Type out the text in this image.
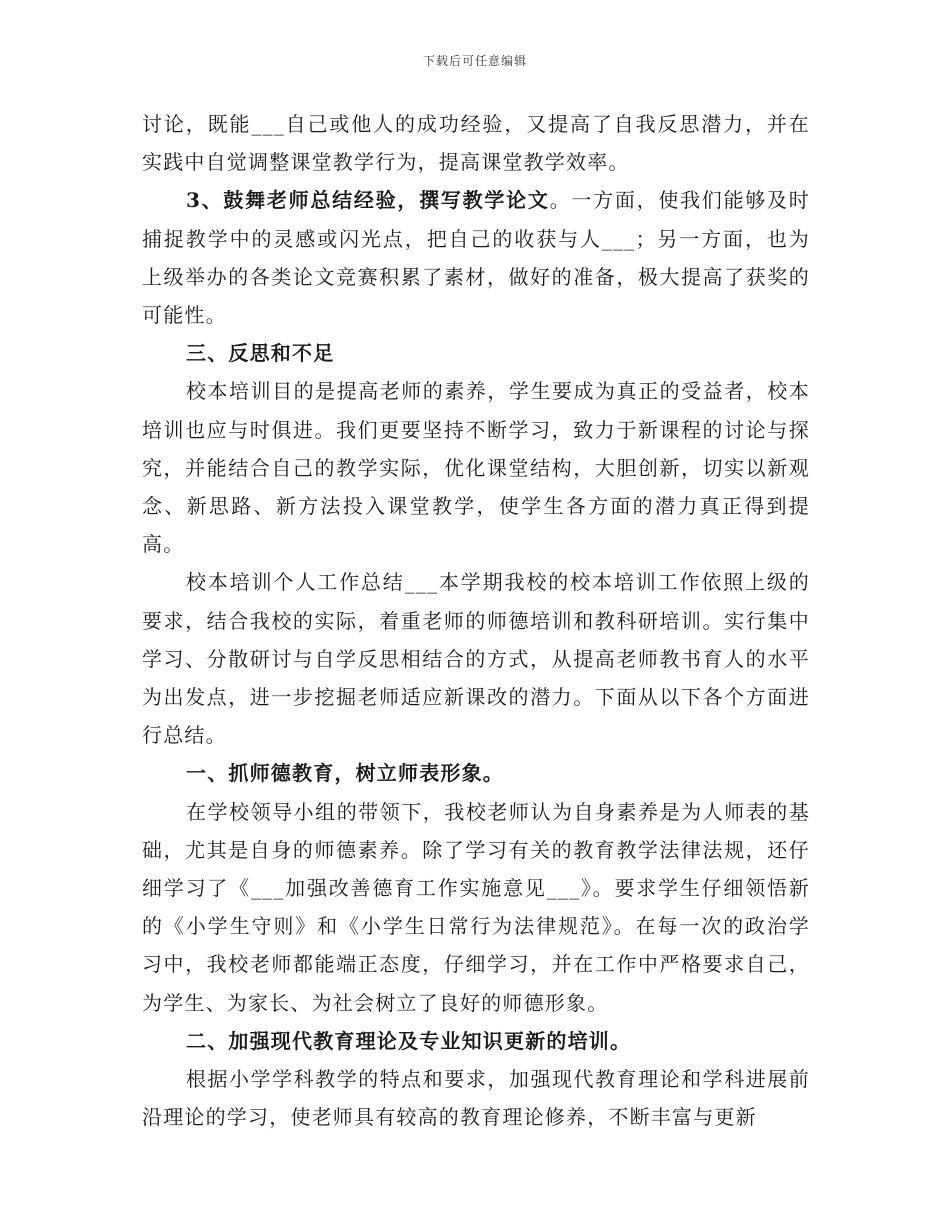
下载后可任意编辑

讨论，既能___自己或他人的成功经验，又提高了自我反思潜力，并在实践中自觉调整课堂教学行为，提高课堂教学效率。

3、鼓舞老师总结经验，撰写教学论文。一方面，使我们能够及时捕捉教学中的灵感或闪光点，把自己的收获与人___；另一方面，也为上级举办的各类论文竞赛积累了素材，做好的准备，极大提高了获奖的可能性。

三、反思和不足

校本培训目的是提高老师的素养，学生要成为真正的受益者，校本培训也应与时俱进。我们更要坚持不断学习，致力于新课程的讨论与探究，并能结合自己的教学实际，优化课堂结构，大胆创新，切实以新观念、新思路、新方法投入课堂教学，使学生各方面的潜力真正得到提高。

校本培训个人工作总结___本学期我校的校本培训工作依照上级的要求，结合我校的实际，着重老师的师德培训和教科研培训。实行集中学习、分散研讨与自学反思相结合的方式，从提高老师教书育人的水平为出发点，进一步挖掘老师适应新课改的潜力。下面从以下各个方面进行总结。

一、抓师德教育，树立师表形象。

在学校领导小组的带领下，我校老师认为自身素养是为人师表的基础，尤其是自身的师德素养。除了学习有关的教育教学法律法规，还仔细学习了《___加强改善德育工作实施意见___》。要求学生仔细领悟新的《小学生守则》和《小学生日常行为法律规范》。在每一次的政治学习中，我校老师都能端正态度，仔细学习，并在工作中严格要求自己，为学生、为家长、为社会树立了良好的师德形象。

二、加强现代教育理论及专业知识更新的培训。

根据小学学科教学的特点和要求，加强现代教育理论和学科进展前沿理论的学习，使老师具有较高的教育理论修养，不断丰富与更新
